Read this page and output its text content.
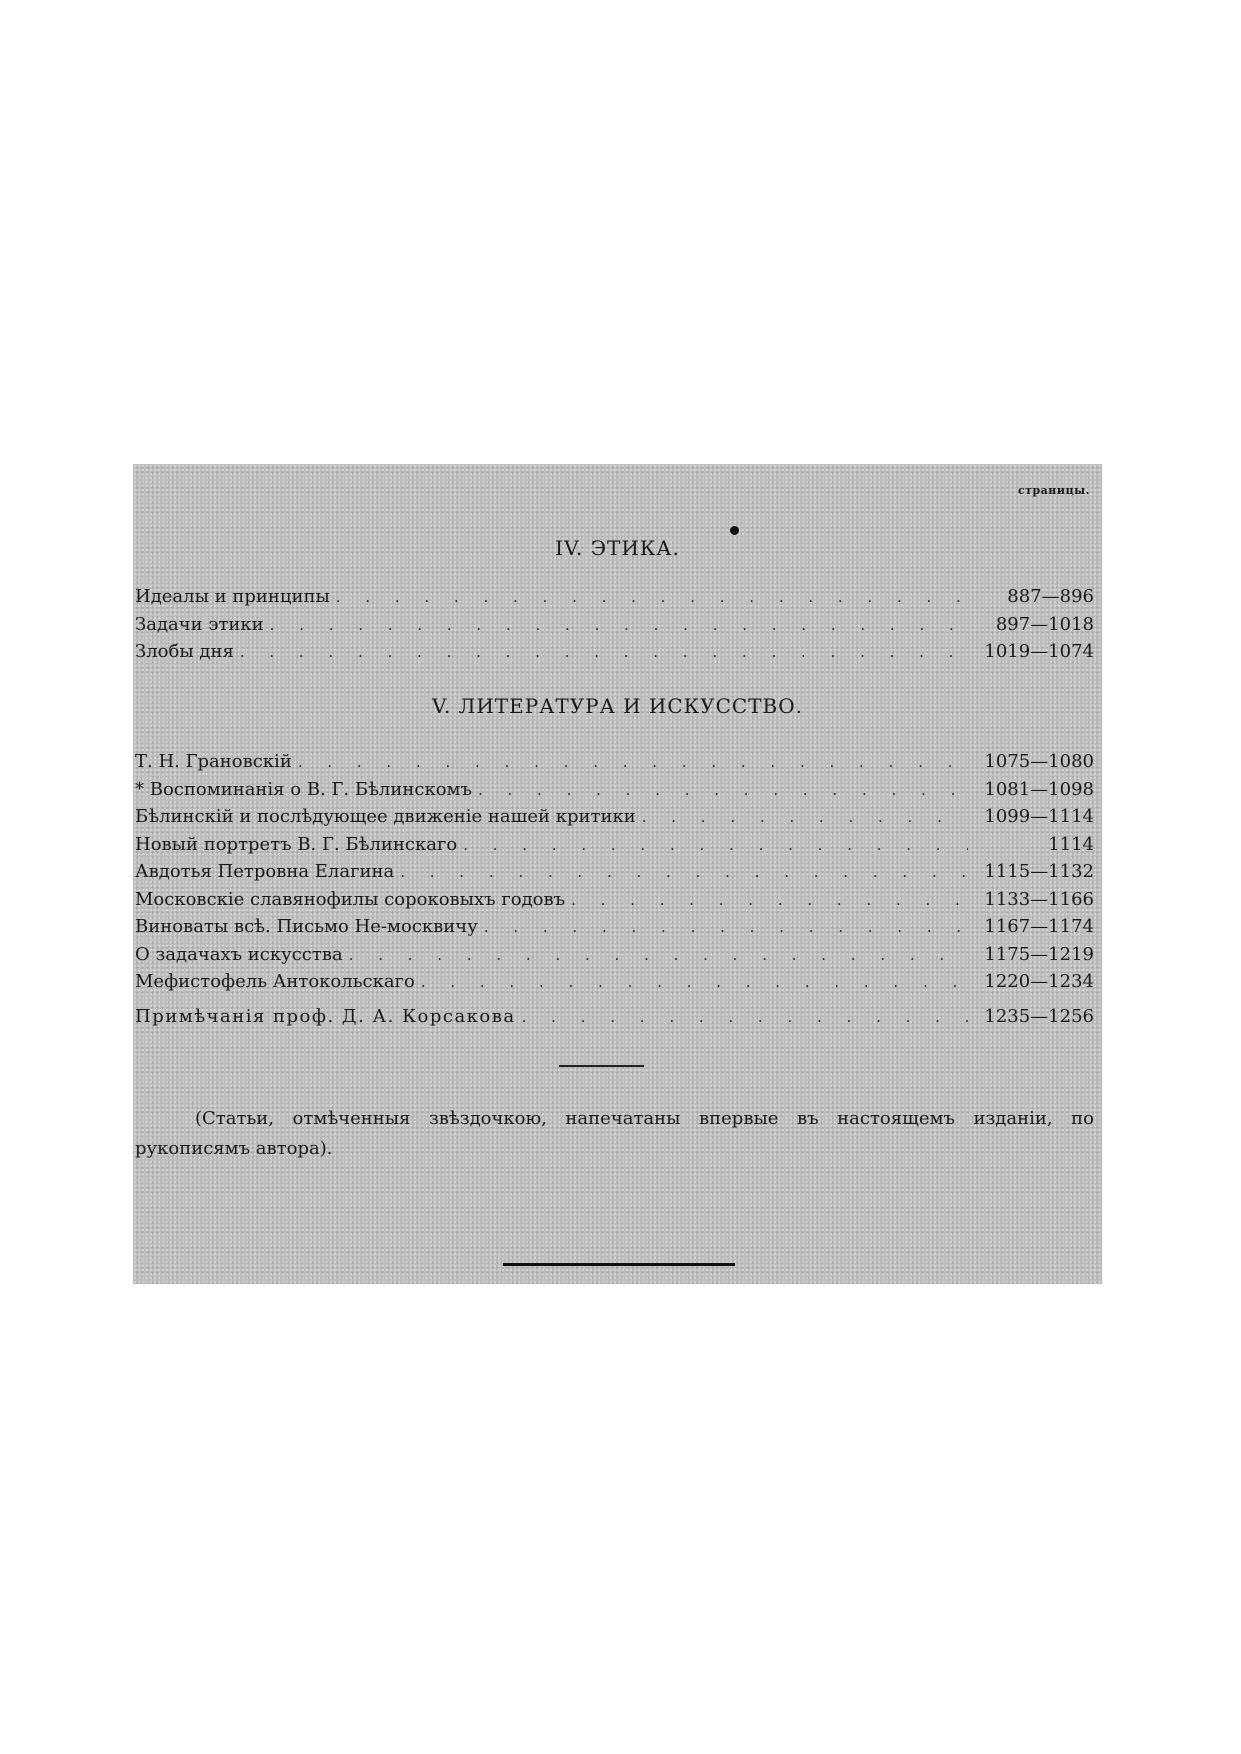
страницы.
IV. ЭТИКА.
Идеалы и принципы . . .	887—896
Задачи этики . . .	897—1018
Злобы дня . . .	1019—1074
V. ЛИТЕРАТУРА И ИСКУССТВО.
Т. Н. Грановскій . . .	1075—1080
* Воспоминанія о В. Г. Бѣлинскомъ . . .	1081—1098
Бѣлинскій и послѣдующее движеніе нашей критики . . .	1099—1114
Новый портретъ В. Г. Бѣлинскаго . . .	1114
Авдотья Петровна Елагина . . .	1115—1132
Московскіе славянофилы сороковыхъ годовъ . . .	1133—1166
Виноваты всѣ. Письмо Не-москвичу . . .	1167—1174
О задачахъ искусства . . .	1175—1219
Мефистофель Антокольскаго . . .	1220—1234
Примѣчанія проф. Д. А. Корсакова . . .	1235—1256
(Статьи, отмѣченныя звѣздочкою, напечатаны впервые въ настоящемъ изданіи, по рукописямъ автора).
